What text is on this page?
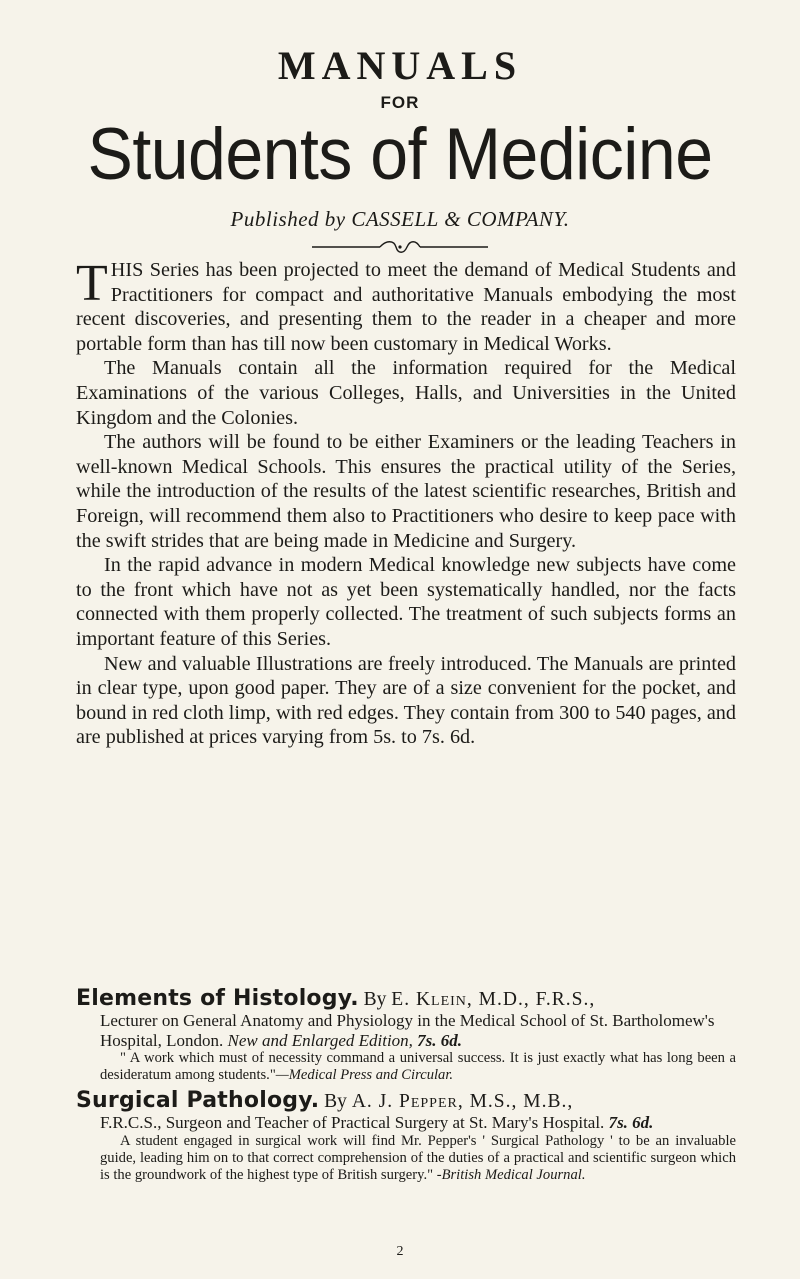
MANUALS
FOR
Students of Medicine
Published by CASSELL & COMPANY.

THIS Series has been projected to meet the demand of Medical Students and Practitioners for compact and authoritative Manuals embodying the most recent discoveries, and presenting them to the reader in a cheaper and more portable form than has till now been customary in Medical Works.

The Manuals contain all the information required for the Medical Examinations of the various Colleges, Halls, and Universities in the United Kingdom and the Colonies.

The authors will be found to be either Examiners or the leading Teachers in well-known Medical Schools. This ensures the practical utility of the Series, while the introduction of the results of the latest scientific researches, British and Foreign, will recommend them also to Practitioners who desire to keep pace with the swift strides that are being made in Medicine and Surgery.

In the rapid advance in modern Medical knowledge new subjects have come to the front which have not as yet been systematically handled, nor the facts connected with them properly collected. The treatment of such subjects forms an important feature of this Series.

New and valuable Illustrations are freely introduced. The Manuals are printed in clear type, upon good paper. They are of a size convenient for the pocket, and bound in red cloth limp, with red edges. They contain from 300 to 540 pages, and are published at prices varying from 5s. to 7s. 6d.

Elements of Histology. By E. Klein, M.D., F.R.S.,
Lecturer on General Anatomy and Physiology in the Medical School of St. Bartholomew's Hospital, London. New and Enlarged Edition, 7s. 6d.

" A work which must of necessity command a universal success. It is just exactly what has long been a desideratum among students."—Medical Press and Circular.

Surgical Pathology. By A. J. Pepper, M.S., M.B.,
F.R.C.S., Surgeon and Teacher of Practical Surgery at St. Mary's Hospital. 7s. 6d.

A student engaged in surgical work will find Mr. Pepper's ' Surgical Pathology ' to be an invaluable guide, leading him on to that correct comprehension of the duties of a practical and scientific surgeon which is the groundwork of the highest type of British surgery." -British Medical Journal.

2
